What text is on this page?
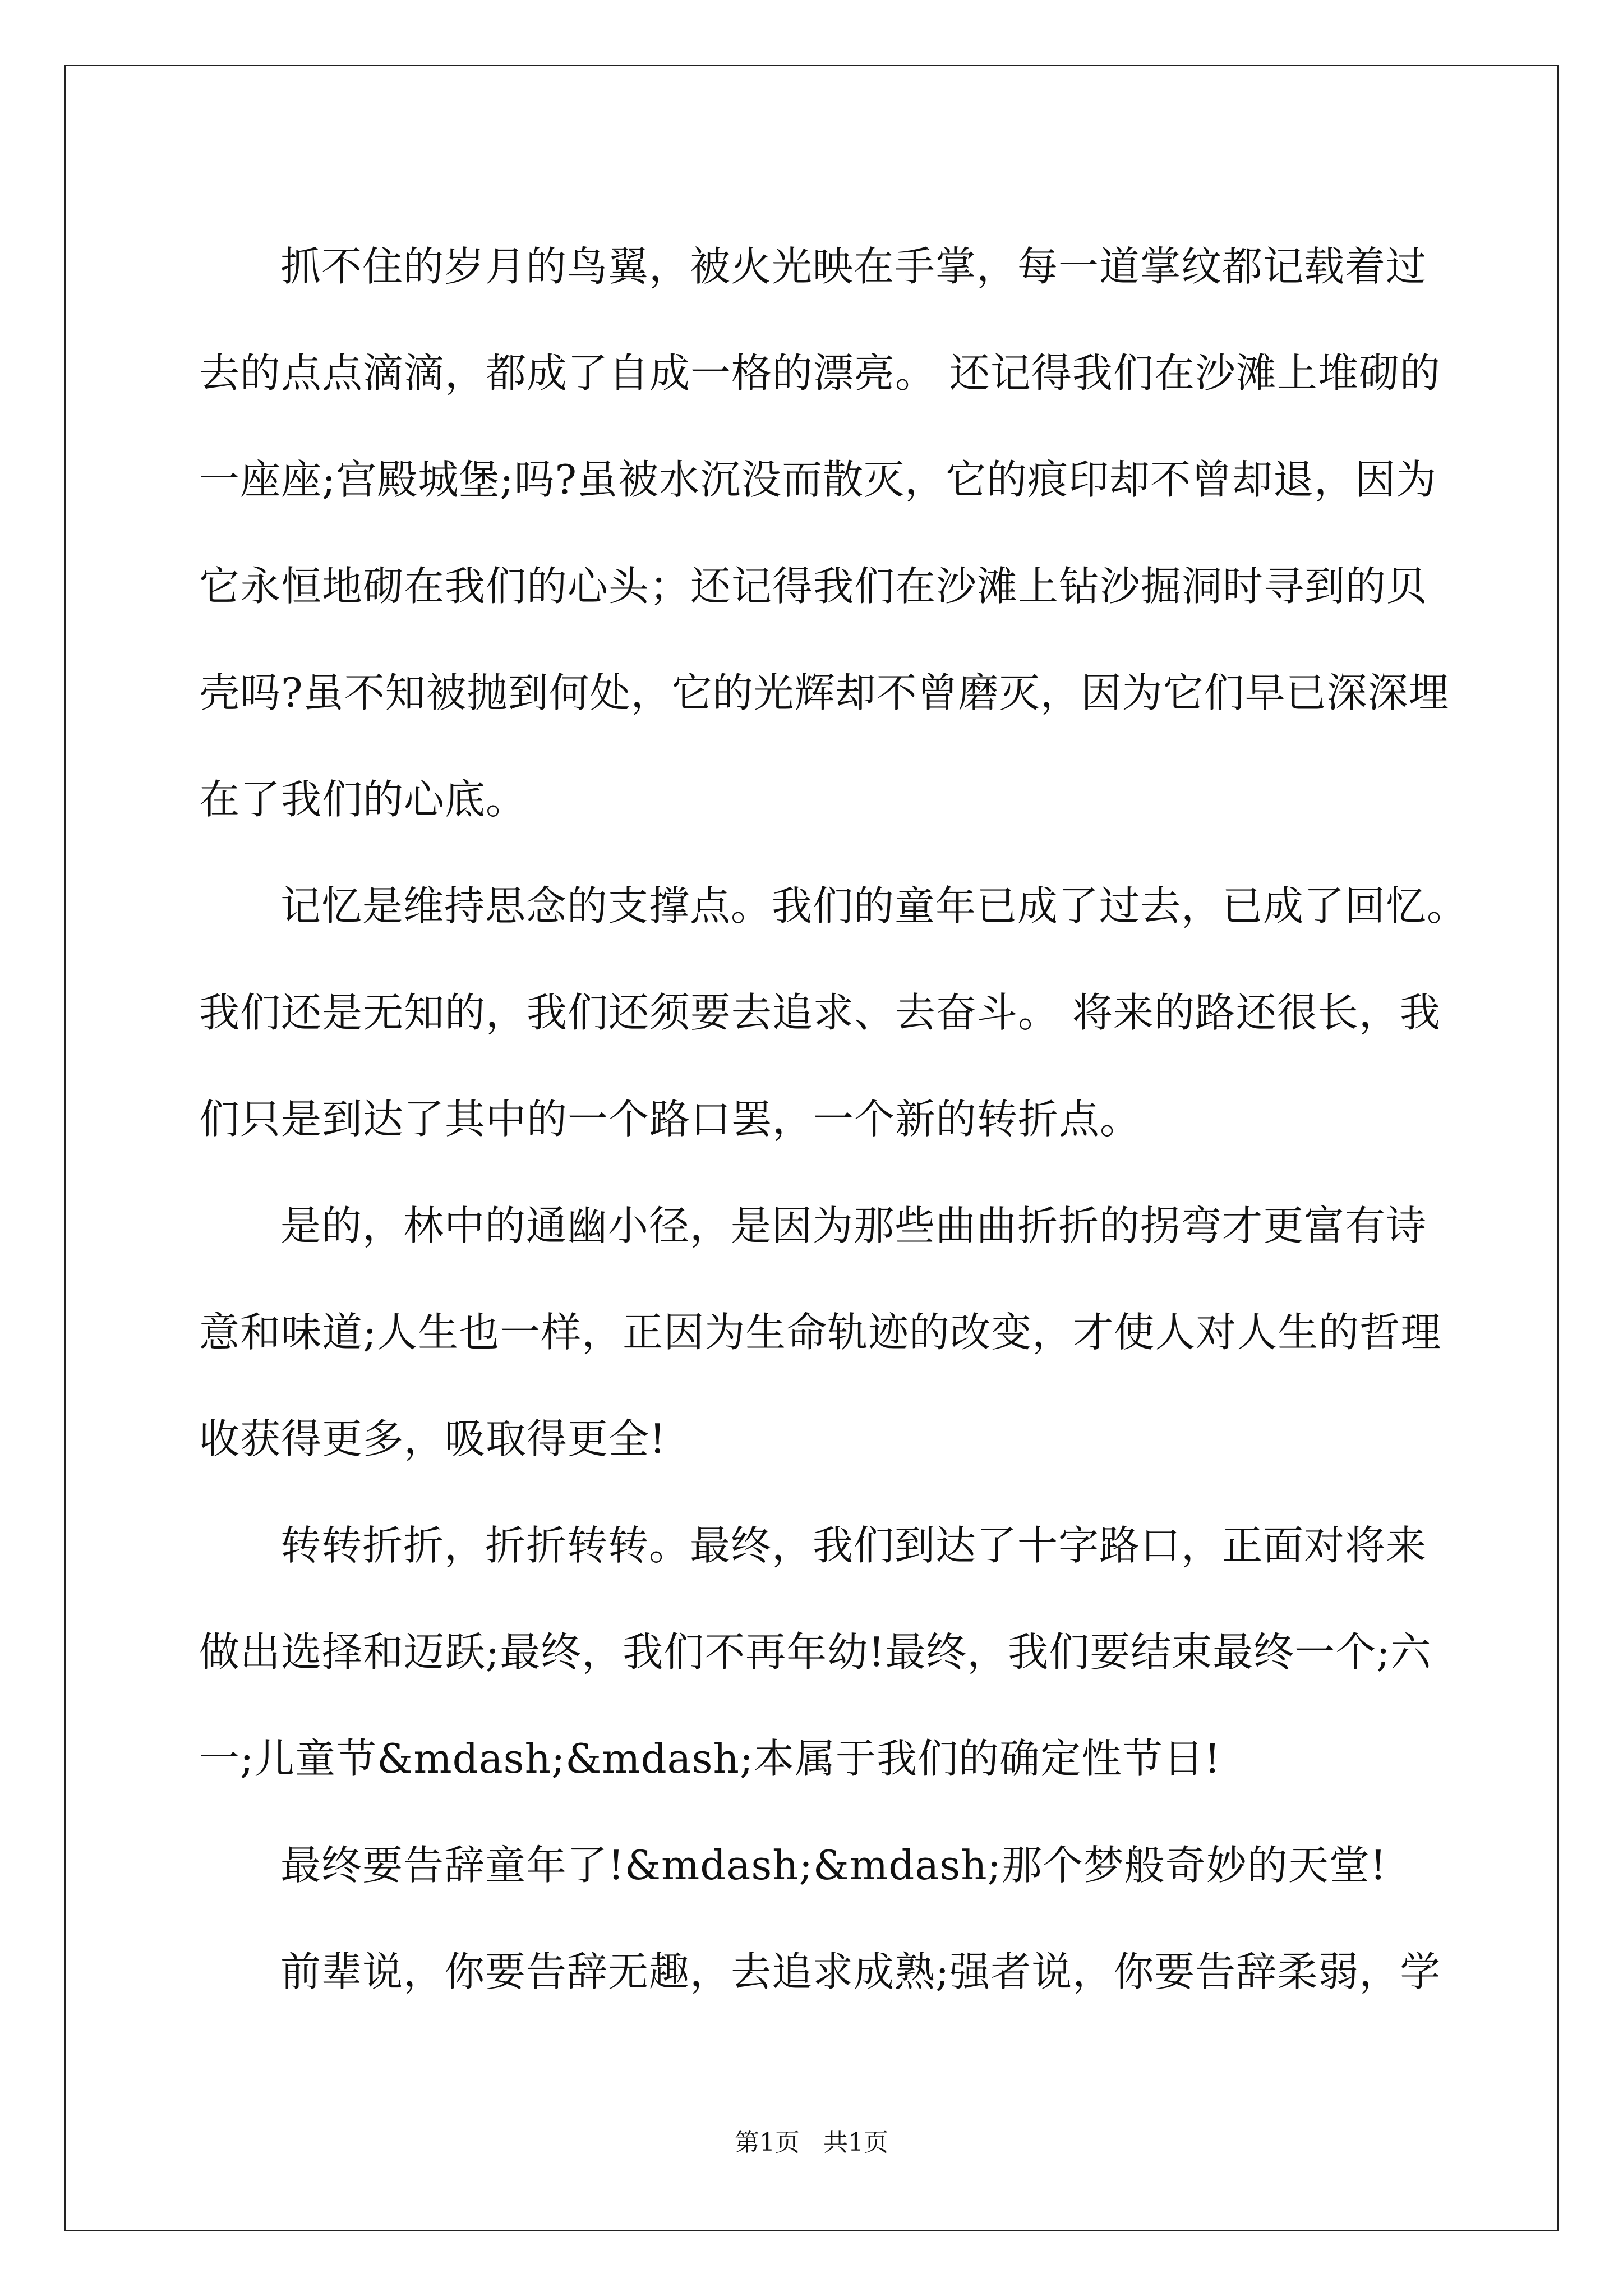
抓不住的岁月的鸟翼，被火光映在手掌，每一道掌纹都记载着过
去的点点滴滴，都成了自成一格的漂亮。 还记得我们在沙滩上堆砌的
一座座;宫殿城堡;吗?虽被水沉没而散灭，它的痕印却不曾却退，因为
它永恒地砌在我们的心头；还记得我们在沙滩上钻沙掘洞时寻到的贝
壳吗?虽不知被抛到何处，它的光辉却不曾磨灭，因为它们早已深深埋
在了我们的心底。
记忆是维持思念的支撑点。我们的童年已成了过去，已成了回忆。
我们还是无知的，我们还须要去追求、去奋斗。 将来的路还很长，我
们只是到达了其中的一个路口罢，一个新的转折点。
是的，林中的通幽小径，是因为那些曲曲折折的拐弯才更富有诗
意和味道;人生也一样，正因为生命轨迹的改变，才使人对人生的哲理
收获得更多，吸取得更全!
转转折折，折折转转。最终，我们到达了十字路口，正面对将来
做出选择和迈跃;最终，我们不再年幼!最终，我们要结束最终一个;六
一;儿童节&mdash;&mdash;本属于我们的确定性节日!
最终要告辞童年了!&mdash;&mdash;那个梦般奇妙的天堂!
前辈说，你要告辞无趣，去追求成熟;强者说，你要告辞柔弱，学
第1页   共1页
